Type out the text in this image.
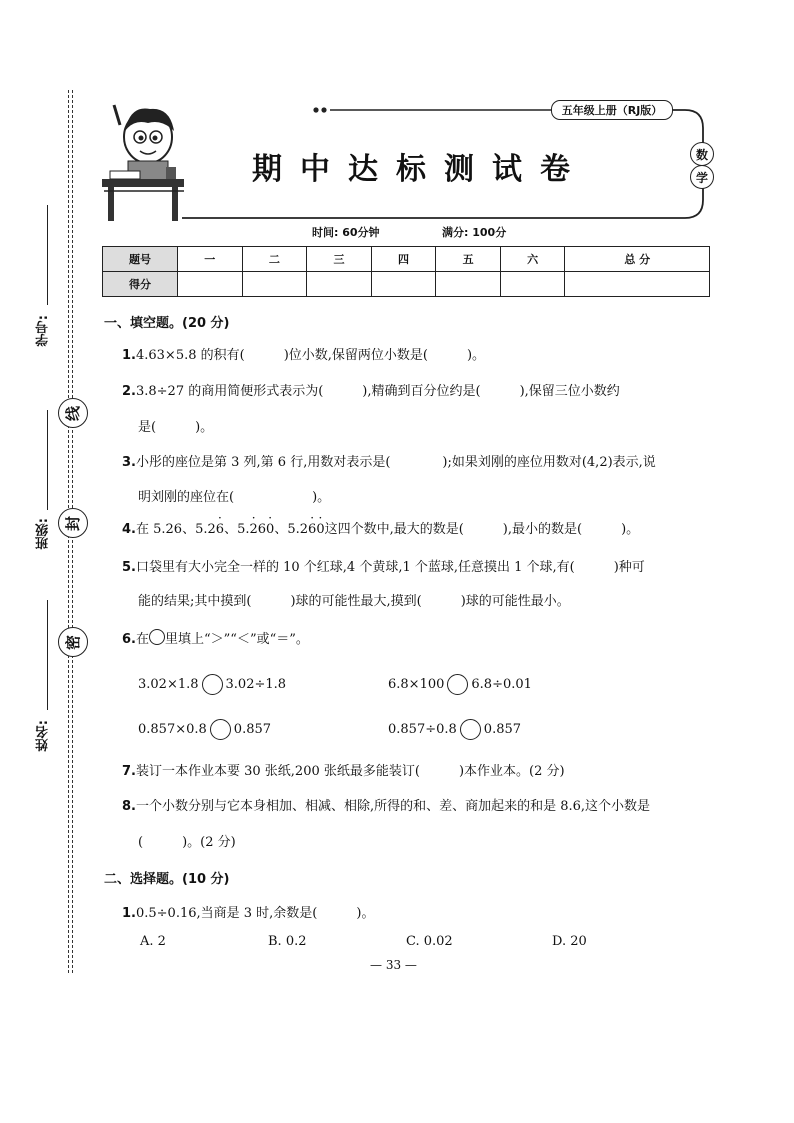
学号:
线
班级: 封
姓名:
密
五年级上册（RJ版）
期中达标测试卷	数
学
时间: 60分钟	满分: 100分
题号	一	二	三	四	五	六	总 分
得分							
一、填空题。(20 分)
1.4.63×5.8 的积有(　　　)位小数,保留两位小数是(　　　)。
2.3.8÷27 的商用简便形式表示为(　　　),精确到百分位约是(　　　),保留三位小数约
是(　　　)。
3.小彤的座位是第 3 列,第 6 行,用数对表示是(　　　　);如果刘刚的座位用数对(4,2)表示,说
明刘刚的座位在(　　　　　　)。
4.在 5.26、5.2· 6、5.· 26· 0、5.2· 6· 0这四个数中,最大的数是(　　　),最小的数是(　　　)。
5.口袋里有大小完全一样的 10 个红球,4 个黄球,1 个蓝球,任意摸出 1 个球,有(　　　)种可
能的结果;其中摸到(　　　)球的可能性最大,摸到(　　　)球的可能性最小。
6.在 里填上“＞”“＜”或“＝”。
3.02×1.8 3.02÷1.8	6.8×100 6.8÷0.01
0.857×0.8 0.857	0.857÷0.8 0.857
7.装订一本作业本要 30 张纸,200 张纸最多能装订(　　　)本作业本。(2 分)
8.一个小数分别与它本身相加、相减、相除,所得的和、差、商加起来的和是 8.6,这个小数是
(　　　)。(2 分)
二、选择题。(10 分)
1.0.5÷0.16,当商是 3 时,余数是(　　　)。
A. 2	B. 0.2	C. 0.02	D. 20
— 33 —
